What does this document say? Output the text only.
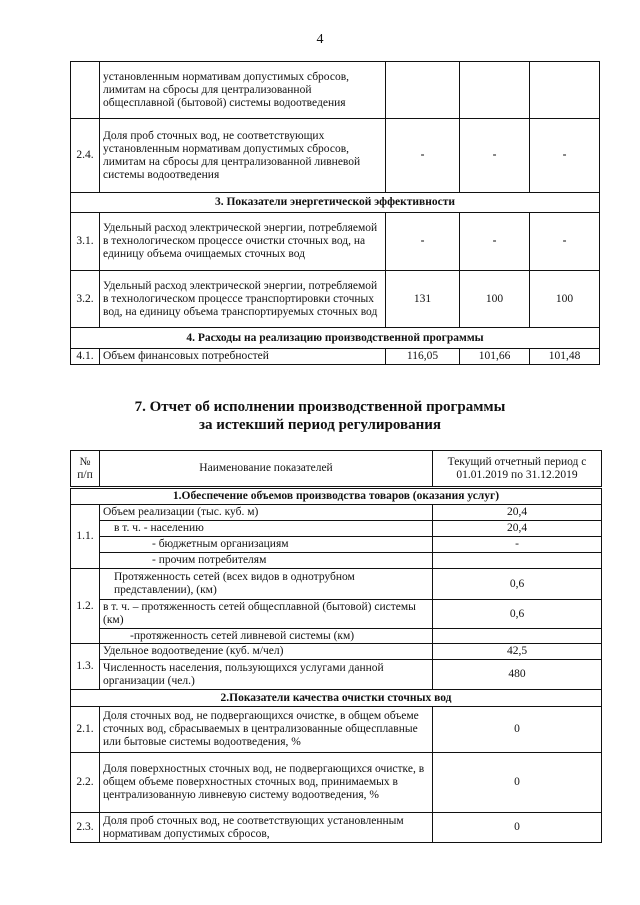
4
	установленным нормативам допустимых сбросов, лимитам на сбросы для централизованной общесплавной (бытовой) системы водоотведения			
2.4.	Доля проб сточных вод, не соответствующих установленным нормативам допустимых сбросов, лимитам на сбросы для централизованной ливневой системы водоотведения	-	-	-
3. Показатели энергетической эффективности				
3.1.	Удельный расход электрической энергии, потребляемой в технологическом процессе очистки сточных вод, на единицу объема очищаемых сточных вод	-	-	-
3.2.	Удельный расход электрической энергии, потребляемой в технологическом процессе транспортировки сточных вод, на единицу объема транспортируемых сточных вод	131	100	100
4. Расходы на реализацию производственной программы				
4.1.	Объем финансовых потребностей	116,05	101,66	101,48
7. Отчет об исполнении производственной программы
за истекший период регулирования
№ п/п	Наименование показателей	Текущий отчетный период с 01.01.2019 по 31.12.2019
1.Обеспечение объемов производства товаров (оказания услуг)		
1.1.	Объем реализации (тыс. куб. м)	20,4
	в т. ч. - населению	20,4
	- бюджетным организациям	-
	- прочим потребителям	
1.2.	Протяженность сетей (всех видов в однотрубном представлении), (км)	0,6
	в т. ч. – протяженность сетей общесплавной (бытовой) системы (км)	0,6
	-протяженность сетей ливневой системы (км)	
1.3.	Удельное водоотведение (куб. м/чел)	42,5
	Численность населения, пользующихся услугами данной организации (чел.)	480
2.Показатели качества очистки сточных вод		
2.1.	Доля сточных вод, не подвергающихся очистке, в общем объеме сточных вод, сбрасываемых в централизованные общесплавные или бытовые системы водоотведения, %	0
2.2.	Доля поверхностных сточных вод, не подвергающихся очистке, в общем объеме поверхностных сточных вод, принимаемых в централизованную ливневую систему водоотведения, %	0
2.3.	Доля проб сточных вод, не соответствующих установленным нормативам допустимых сбросов,	0
